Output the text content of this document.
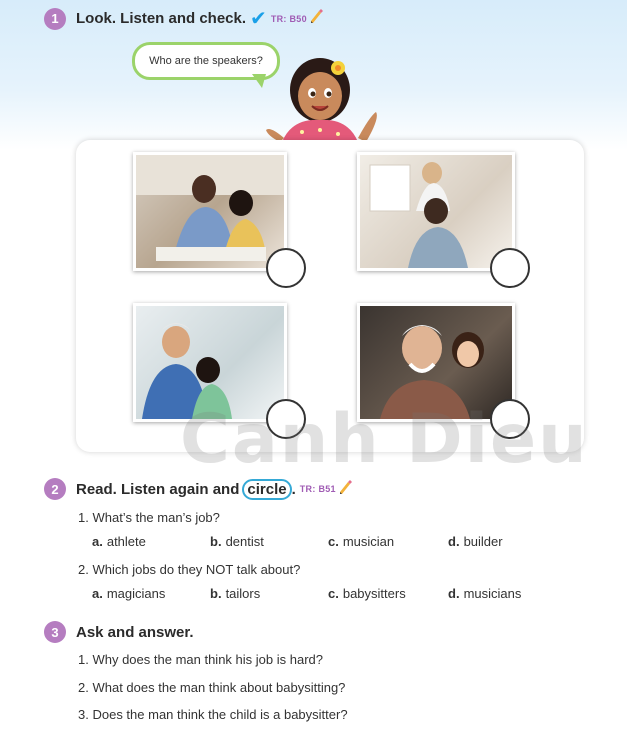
1	Look. Listen and check. ✔ TR: B50
Who are the speakers?
Canh Dieu
2	Read. Listen again and circle . TR: B51
1. What’s the man’s job?
a. athlete	b. dentist	c. musician	d. builder
2. Which jobs do they NOT talk about?
a. magicians	b. tailors	c. babysitters	d. musicians
3	Ask and answer.
1. Why does the man think his job is hard?
2. What does the man think about babysitting?
3. Does the man think the child is a babysitter?
